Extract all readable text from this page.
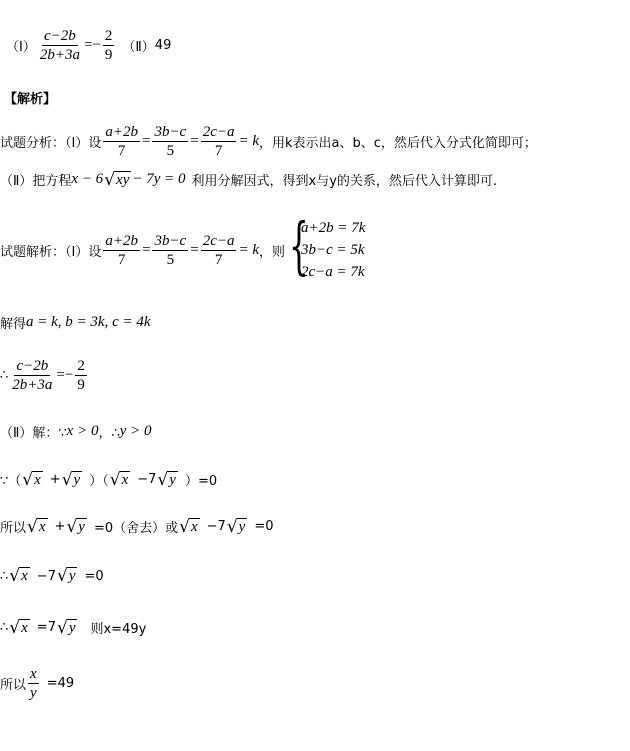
（Ⅰ） $\frac{c-2b}{2b+3a} =- \frac{2}{9}$ （Ⅱ） 49
【解析】
试题分析：（Ⅰ）设 $\frac{a+2b}{7} = \frac{3b-c}{5} = \frac{2c-a}{7} = k$ ，用k表示出a、b、c，然后代入分式化简即可；
（Ⅱ）把方程 x − 6 √ xy − 7y = 0 利用分解因式，得到x与y的关系，然后代入计算即可.
试题解析：（Ⅰ）设 $\frac{a+2b}{7} = \frac{3b-c}{5} = \frac{2c-a}{7} = k$ ，则 {
a+2b = 7k
3b−c = 5k
2c−a = 7k
解得 a = k, b = 3k, c = 4k
∴ $\frac{c-2b}{2b+3a} =- \frac{2}{9}$
（Ⅱ）解：∵ x > 0 ，∴ y > 0
∵（ √ x + √ y ）（ √ x −7 √ y ）=0
所以 √ x + √ y =0（舍去）或 √ x −7 √ y =0
∴ √ x −7 √ y =0
∴ √ x =7 √ y 则x=49y
所以 $\frac{x}{y} =49$
